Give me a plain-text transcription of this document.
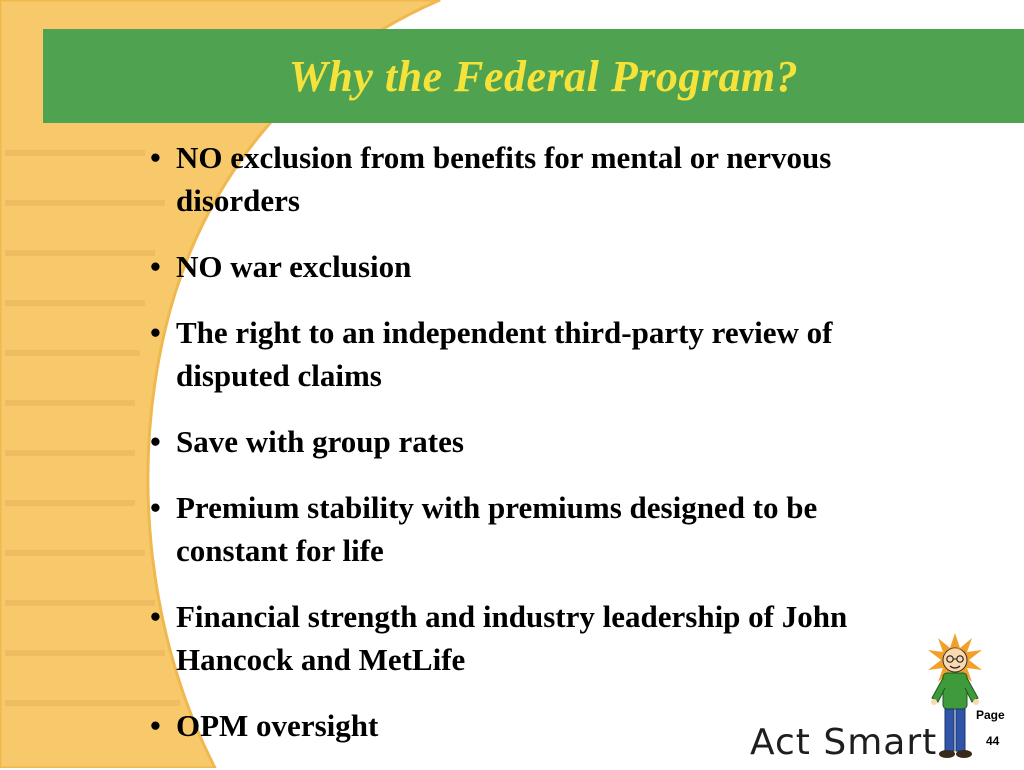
Why the Federal Program?
• NO exclusion from benefits for mental or nervous disorders
• NO war exclusion
• The right to an independent third-party review of disputed claims
• Save with group rates
• Premium stability with premiums designed to be constant for life
• Financial strength and industry leadership of John Hancock and MetLife
• OPM oversight	Act Smart
Page
44
